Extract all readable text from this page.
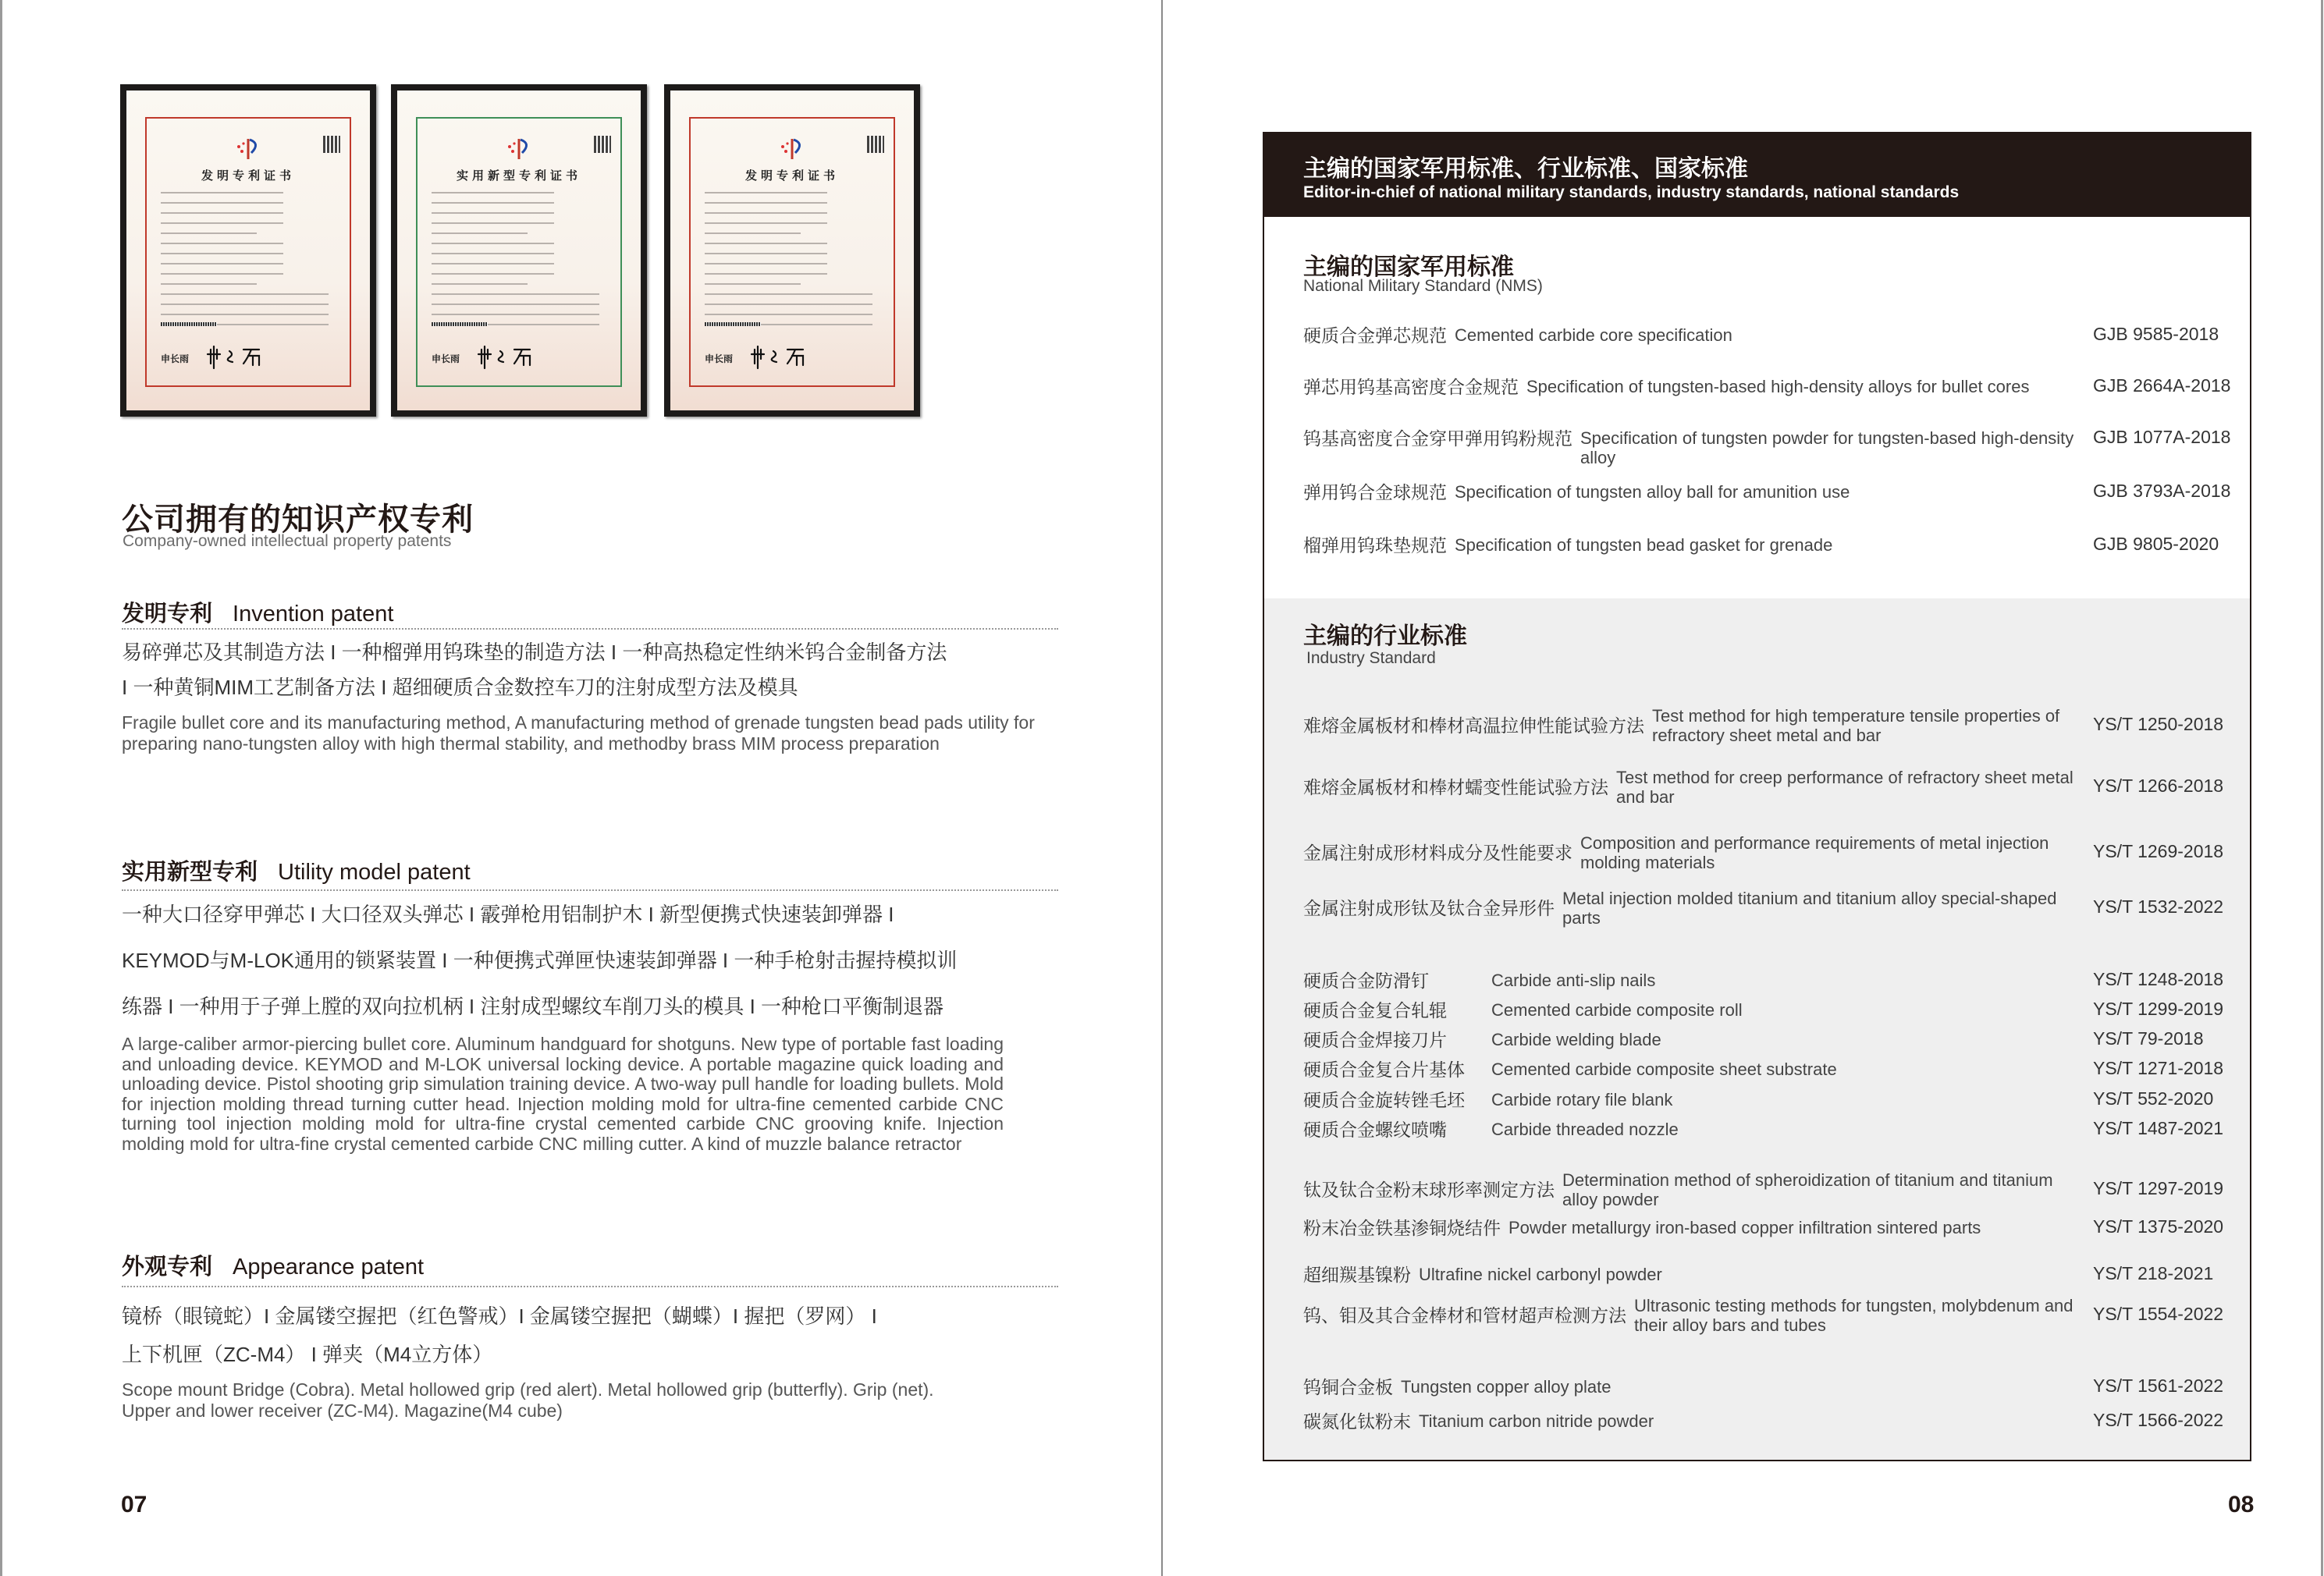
发明专利证书
申长雨
实用新型专利证书
申长雨
发明专利证书
申长雨
公司拥有的知识产权专利
Company-owned intellectual property patents
发明专利 Invention patent
易碎弹芯及其制造方法 I 一种榴弹用钨珠垫的制造方法 I 一种高热稳定性纳米钨合金制备方法
I 一种黄铜MIM工艺制备方法 I 超细硬质合金数控车刀的注射成型方法及模具
Fragile bullet core and its manufacturing method, A manufacturing method of grenade tungsten bead pads utility for preparing nano-tungsten alloy with high thermal stability, and methodby brass MIM process preparation
实用新型专利 Utility model patent
一种大口径穿甲弹芯 I 大口径双头弹芯 I 霰弹枪用铝制护木 I 新型便携式快速装卸弹器 I
KEYMOD与M-LOK通用的锁紧装置 I 一种便携式弹匣快速装卸弹器 I 一种手枪射击握持模拟训
练器 I 一种用于子弹上膛的双向拉机柄 I 注射成型螺纹车削刀头的模具 I 一种枪口平衡制退器
A large-caliber armor-piercing bullet core. Aluminum handguard for shotguns. New type of portable fast loading and unloading device. KEYMOD and M-LOK universal locking device. A portable magazine quick loading and unloading device. Pistol shooting grip simulation training device. A two-way pull handle for loading bullets. Mold for injection molding thread turning cutter head. Injection molding mold for ultra-fine cemented carbide CNC turning tool injection molding mold for ultra-fine crystal cemented carbide CNC grooving knife. Injection molding mold for ultra-fine crystal cemented carbide CNC milling cutter. A kind of muzzle balance retractor
外观专利 Appearance patent
镜桥（眼镜蛇）I 金属镂空握把（红色警戒）I 金属镂空握把（蝴蝶）I 握把（罗网） I
上下机匣（ZC-M4） I 弹夹（M4立方体）
Scope mount Bridge (Cobra). Metal hollowed grip (red alert). Metal hollowed grip (butterfly). Grip (net).
Upper and lower receiver (ZC-M4). Magazine(M4 cube)
07
主编的国家军用标准、行业标准、国家标准
Editor-in-chief of national military standards, industry standards, national standards
主编的国家军用标准
National Military Standard (NMS)
主编的行业标准
Industry Standard
硬质合金弹芯规范 Cemented carbide core specification	GJB 9585-2018
弹芯用钨基高密度合金规范 Specification of tungsten-based high-density alloys for bullet cores	GJB 2664A-2018
钨基高密度合金穿甲弹用钨粉规范 Specification of tungsten powder for tungsten-based high-density alloy
GJB 1077A-2018
弹用钨合金球规范 Specification of tungsten alloy ball for amunition use	GJB 3793A-2018
榴弹用钨珠垫规范 Specification of tungsten bead gasket for grenade	GJB 9805-2020
难熔金属板材和棒材高温拉伸性能试验方法 Test method for high temperature tensile properties of refractory sheet metal and bar
YS/T 1250-2018
难熔金属板材和棒材蠕变性能试验方法 Test method for creep performance of refractory sheet metal and bar
YS/T 1266-2018
金属注射成形材料成分及性能要求 Composition and performance requirements of metal injection molding materials
YS/T 1269-2018
金属注射成形钛及钛合金异形件 Metal injection molded titanium and titanium alloy special-shaped parts
YS/T 1532-2022
硬质合金防滑钉	Carbide anti-slip nails	YS/T 1248-2018
硬质合金复合轧辊	Cemented carbide composite roll	YS/T 1299-2019
硬质合金焊接刀片	Carbide welding blade	YS/T 79-2018
硬质合金复合片基体	Cemented carbide composite sheet substrate	YS/T 1271-2018
硬质合金旋转锉毛坯	Carbide rotary file blank	YS/T 552-2020
硬质合金螺纹喷嘴	Carbide threaded nozzle	YS/T 1487-2021
钛及钛合金粉末球形率测定方法 Determination method of spheroidization of titanium and titanium alloy powder
YS/T 1297-2019
粉末冶金铁基渗铜烧结件 Powder metallurgy iron-based copper infiltration sintered parts	YS/T 1375-2020
超细羰基镍粉 Ultrafine nickel carbonyl powder	YS/T 218-2021
钨、钼及其合金棒材和管材超声检测方法 Ultrasonic testing methods for tungsten, molybdenum and their alloy bars and tubes
YS/T 1554-2022
钨铜合金板 Tungsten copper alloy plate	YS/T 1561-2022
碳氮化钛粉末 Titanium carbon nitride powder	YS/T 1566-2022
08
